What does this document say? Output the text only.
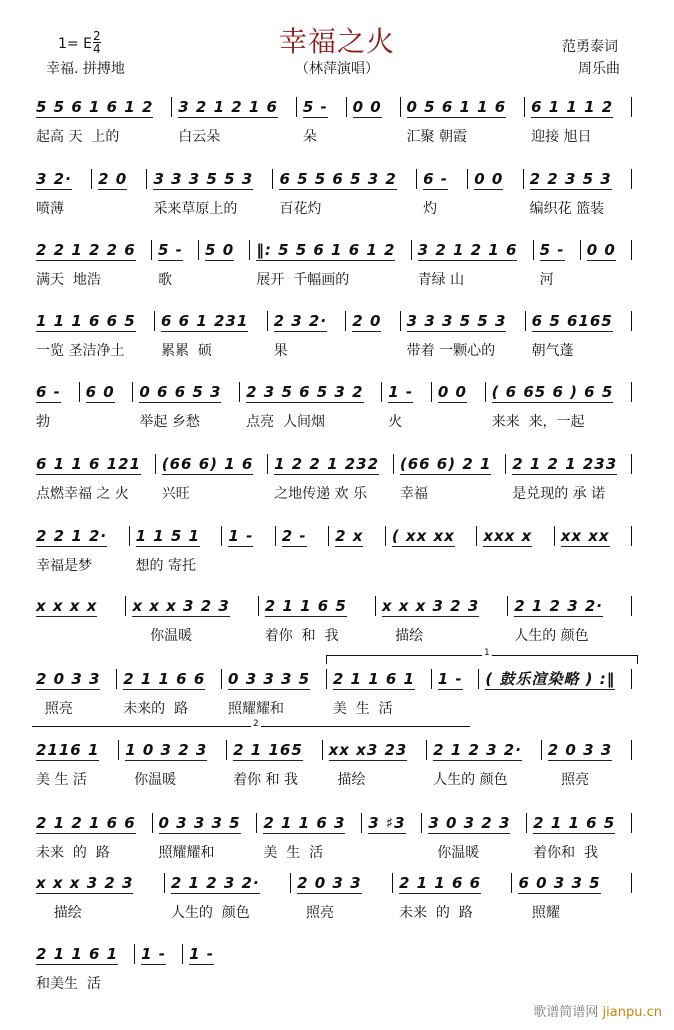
幸福之火
（林萍演唱）
1= E 2
4
幸福. 拼搏地
范勇泰词
周乐曲
5 5 6 1 6 1 2
起高 天  上的
3 2 1 2 1 6
白云朵
5 -
朵
0 0	0 5 6 1 1 6
汇聚 朝霞
6 1 1 1 2
迎接 旭日
3 2·
喷薄
2 0	3 3 3 5 5 3
采来草原上的
6 5 5 6 5 3 2
百花灼
6 -
灼
0 0	2 2 3 5 3
编织花 篮装
2 2 1 2 2 6
满天  地浩
5 -
歌
5 0	‖: 5 5 6 1 6 1 2
展开  千幅画的
3 2 1 2 1 6
青绿 山
5 -
河
0 0
1 1 1 6 6 5
一览 圣洁净土
6 6 1 231
累累  硕
2 3 2·
果
2 0	3 3 3 5 5 3
带着 一颗心的
6 5 6165
朝气蓬
6 -
勃
6 0	0 6 6 5 3
举起 乡愁
2 3 5 6 5 3 2
点亮  人间烟
1 -
火
0 0	( 6 65 6 ) 6 5
来来  来，一起
6 1 1 6 121
点燃幸福 之 火
(66 6) 1 6
兴旺
1 2 2 1 232
之地传递 欢 乐
(66 6) 2 1
幸福
2 1 2 1 233
是兑现的 承 诺
2 2 1 2·
幸福是梦
1 1 5 1
想的 寄托
1 -	2 -	2 x	( xx xx	xxx x	xx xx
x x x x	x x x 3 2 3
你温暖
2 1 1 6 5
着你  和  我
x x x 3 2 3
描绘
2 1 2 3 2·
人生的 颜色
2 0 3 3
照亮
2 1 1 6 6
未来的  路
0 3 3 3 5
照耀耀和
2 1 1 6 1
美  生  活
1 -	( 鼓乐渲染略 ) :‖
2116 1
美 生 活
1 0 3 2 3
你温暖
2 1 165
着你 和 我
xx x3 23
描绘
2 1 2 3 2·
人生的 颜色
2 0 3 3
照亮
2 1 2 1 6 6
未来  的  路
0 3 3 3 5
照耀耀和
2 1 1 6 3
美  生  活
3 ♯3	3 0 3 2 3
你温暖
2 1 1 6 5
着你和  我
x x x 3 2 3
描绘
2 1 2 3 2·
人生的  颜色
2 0 3 3
照亮
2 1 1 6 6
未来  的  路
6 0 3 3 5
照耀
2 1 1 6 1
和美生  活
1 -	1 -
1
2
歌谱简谱网 jianpu.cn
